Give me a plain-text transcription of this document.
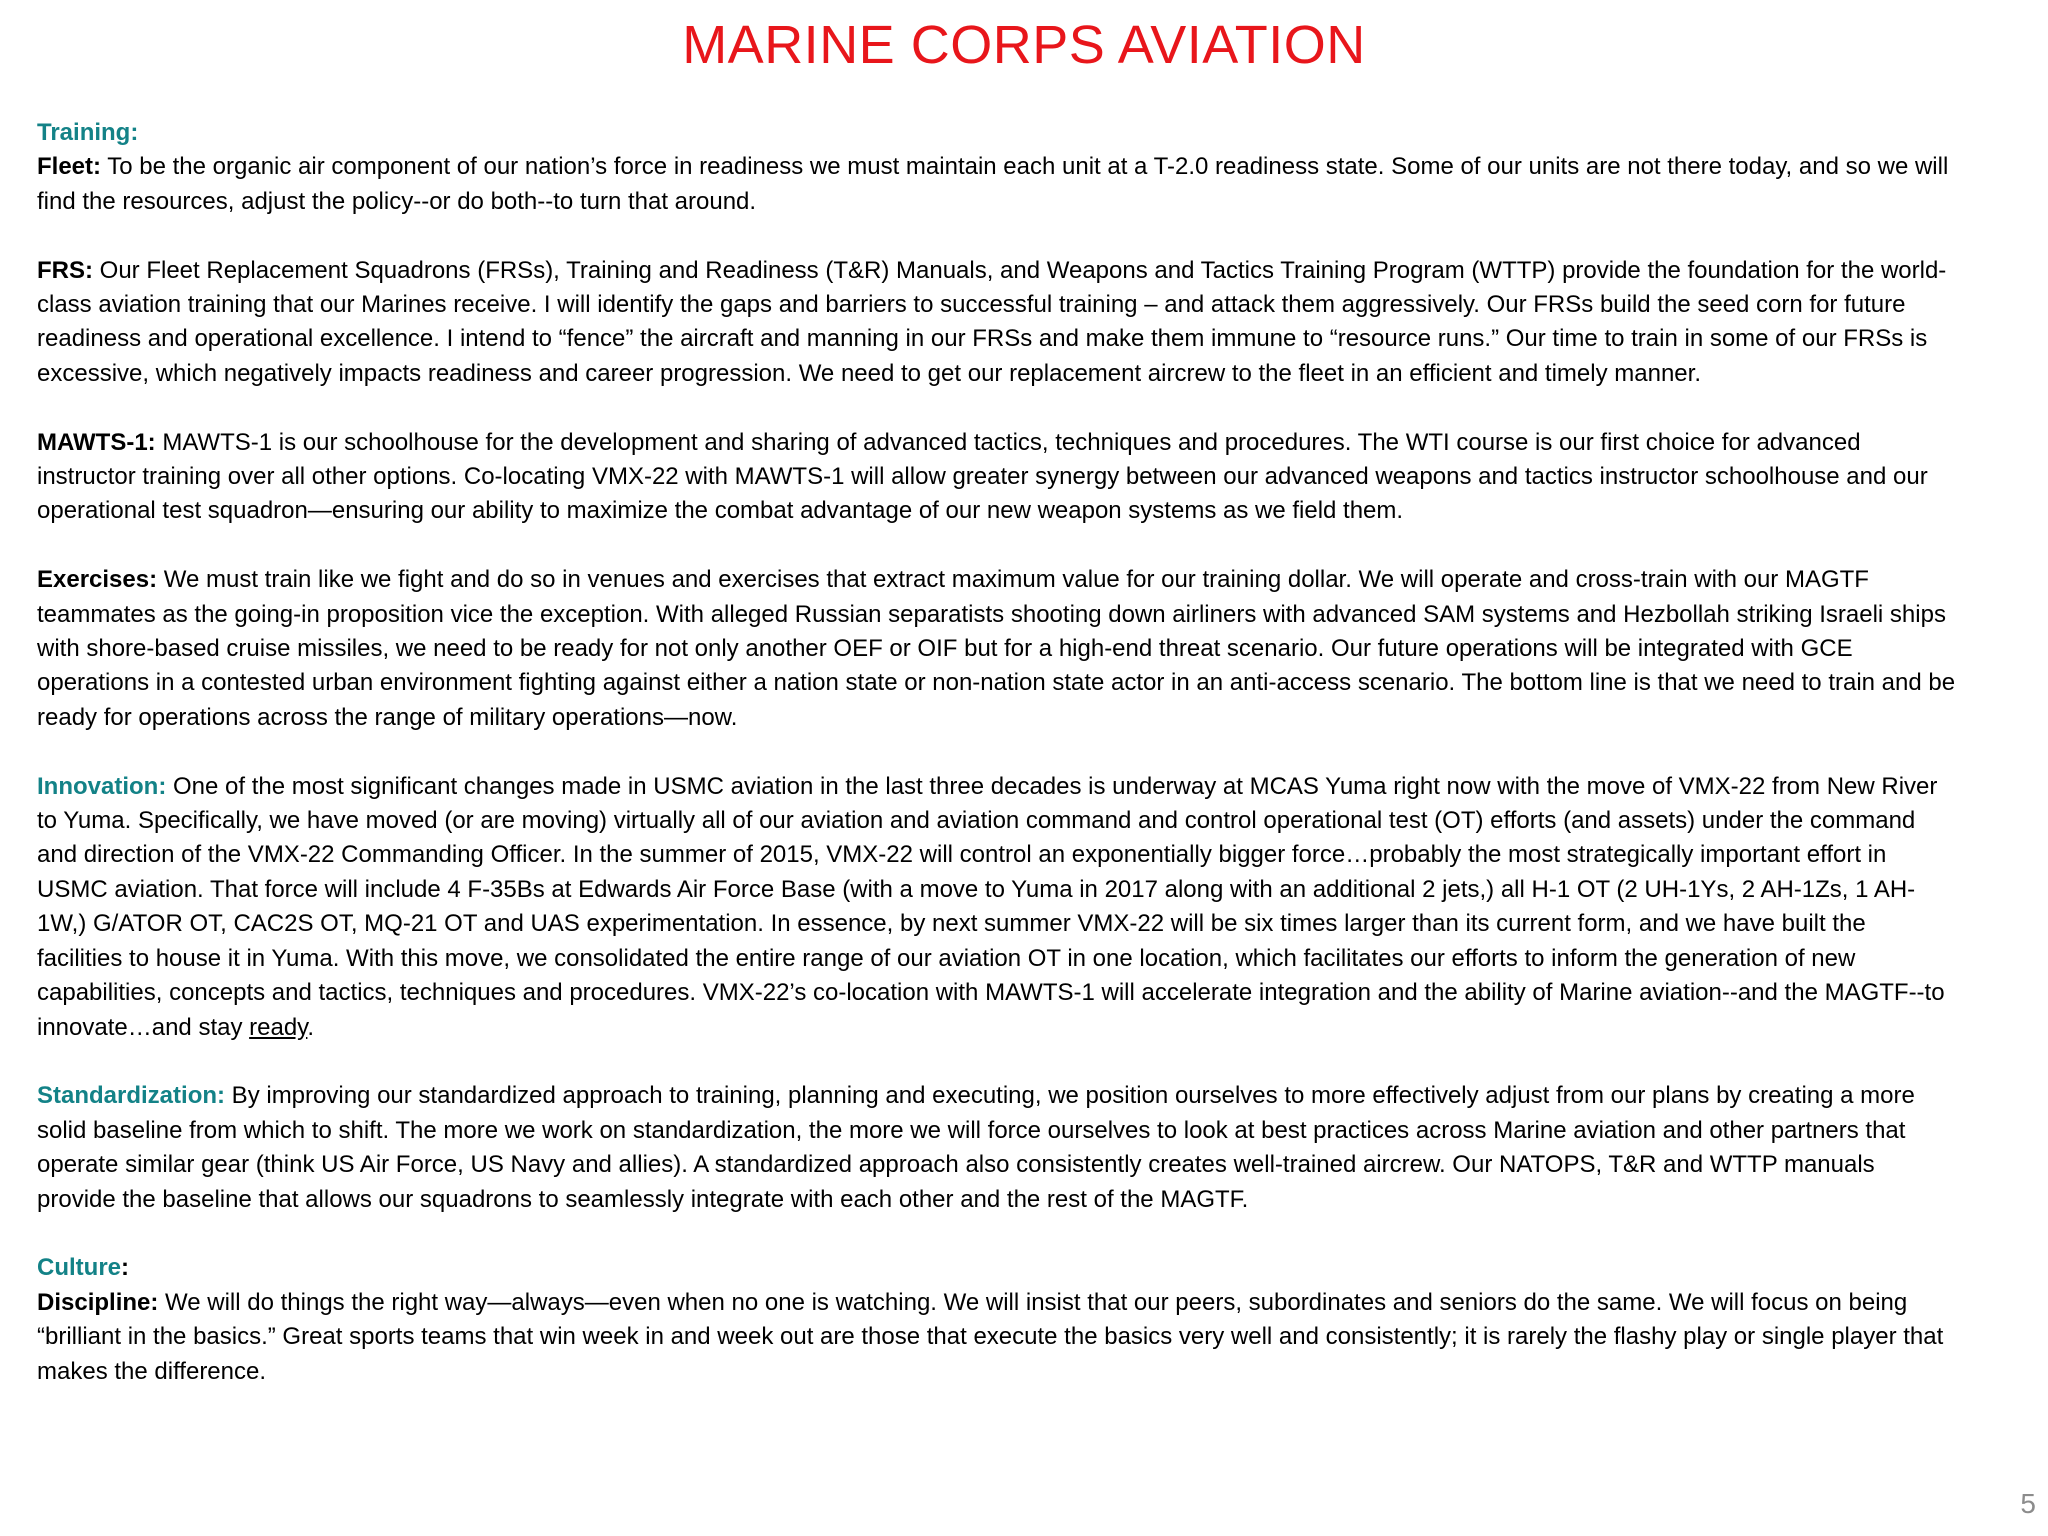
MARINE CORPS AVIATION

Training:

Fleet: To be the organic air component of our nation’s force in readiness we must maintain each unit at a T-2.0 readiness state. Some of our units are not there today, and so we will find the resources, adjust the policy--or do both--to turn that around.

FRS: Our Fleet Replacement Squadrons (FRSs), Training and Readiness (T&R) Manuals, and Weapons and Tactics Training Program (WTTP) provide the foundation for the world-class aviation training that our Marines receive. I will identify the gaps and barriers to successful training – and attack them aggressively. Our FRSs build the seed corn for future readiness and operational excellence. I intend to “fence” the aircraft and manning in our FRSs and make them immune to “resource runs.” Our time to train in some of our FRSs is excessive, which negatively impacts readiness and career progression. We need to get our replacement aircrew to the fleet in an efficient and timely manner.

MAWTS-1: MAWTS-1 is our schoolhouse for the development and sharing of advanced tactics, techniques and procedures. The WTI course is our first choice for advanced instructor training over all other options. Co-locating VMX-22 with MAWTS-1 will allow greater synergy between our advanced weapons and tactics instructor schoolhouse and our operational test squadron—ensuring our ability to maximize the combat advantage of our new weapon systems as we field them.

Exercises: We must train like we fight and do so in venues and exercises that extract maximum value for our training dollar. We will operate and cross-train with our MAGTF teammates as the going-in proposition vice the exception. With alleged Russian separatists shooting down airliners with advanced SAM systems and Hezbollah striking Israeli ships with shore-based cruise missiles, we need to be ready for not only another OEF or OIF but for a high-end threat scenario. Our future operations will be integrated with GCE operations in a contested urban environment fighting against either a nation state or non-nation state actor in an anti-access scenario. The bottom line is that we need to train and be ready for operations across the range of military operations—now.

Innovation: One of the most significant changes made in USMC aviation in the last three decades is underway at MCAS Yuma right now with the move of VMX-22 from New River to Yuma. Specifically, we have moved (or are moving) virtually all of our aviation and aviation command and control operational test (OT) efforts (and assets) under the command and direction of the VMX-22 Commanding Officer. In the summer of 2015, VMX-22 will control an exponentially bigger force…probably the most strategically important effort in USMC aviation. That force will include 4 F-35Bs at Edwards Air Force Base (with a move to Yuma in 2017 along with an additional 2 jets,) all H-1 OT (2 UH-1Ys, 2 AH-1Zs, 1 AH-1W,) G/ATOR OT, CAC2S OT, MQ-21 OT and UAS experimentation. In essence, by next summer VMX-22 will be six times larger than its current form, and we have built the facilities to house it in Yuma. With this move, we consolidated the entire range of our aviation OT in one location, which facilitates our efforts to inform the generation of new capabilities, concepts and tactics, techniques and procedures. VMX-22’s co-location with MAWTS-1 will accelerate integration and the ability of Marine aviation--and the MAGTF--to innovate…and stay ready.

Standardization: By improving our standardized approach to training, planning and executing, we position ourselves to more effectively adjust from our plans by creating a more solid baseline from which to shift. The more we work on standardization, the more we will force ourselves to look at best practices across Marine aviation and other partners that operate similar gear (think US Air Force, US Navy and allies). A standardized approach also consistently creates well-trained aircrew. Our NATOPS, T&R and WTTP manuals provide the baseline that allows our squadrons to seamlessly integrate with each other and the rest of the MAGTF.

Culture:

Discipline: We will do things the right way—always—even when no one is watching. We will insist that our peers, subordinates and seniors do the same. We will focus on being “brilliant in the basics.” Great sports teams that win week in and week out are those that execute the basics very well and consistently; it is rarely the flashy play or single player that makes the difference.

5
